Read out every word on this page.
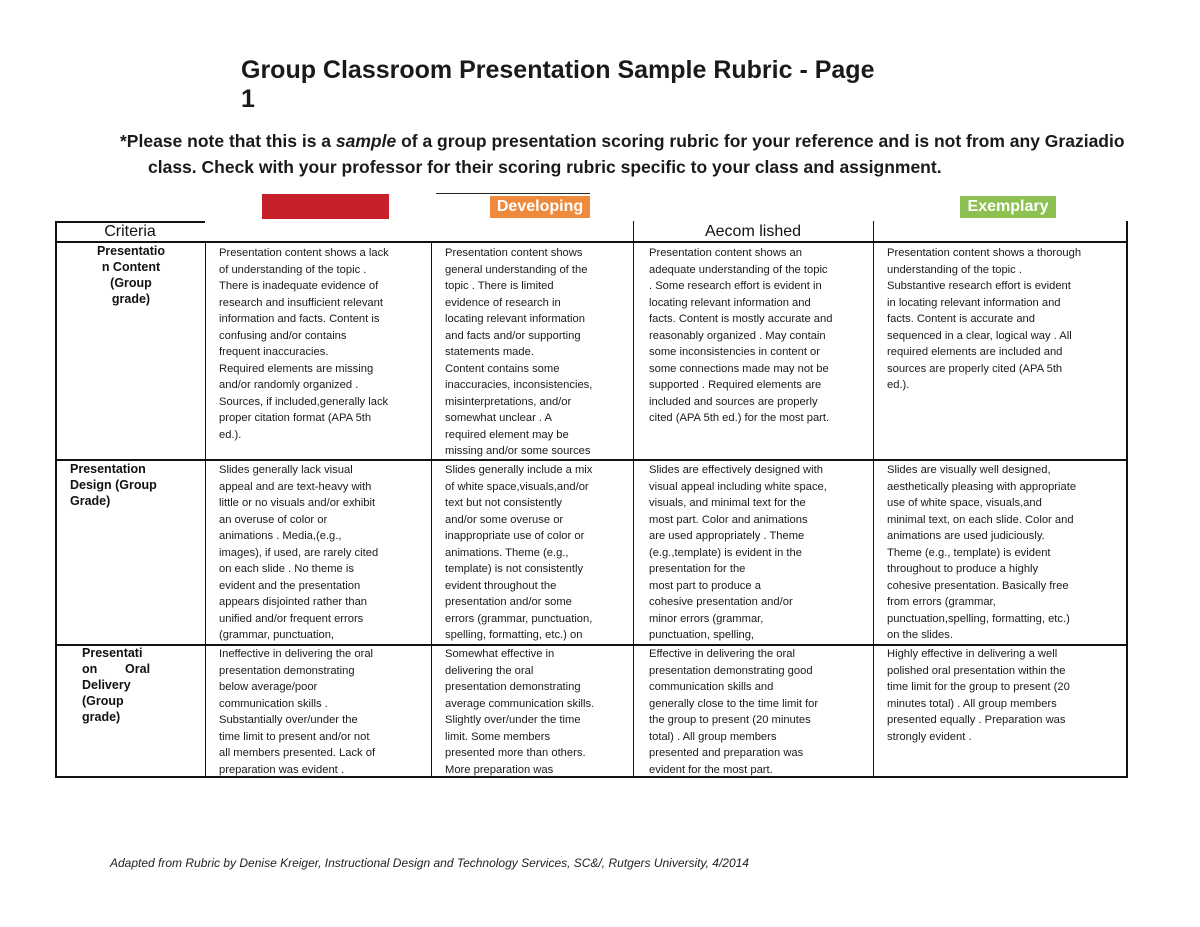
Group Classroom Presentation Sample Rubric - Page
1
*Please note that this is a sample of a group presentation scoring rubric for your reference and is not from any Graziadio class. Check with your professor for their scoring rubric specific to your class and assignment.
Developing	Exemplary
Criteria	Aecom lished
Presentatio
n Content
(Group
grade)
Presentation content shows a lack
of understanding of the topic .
There is inadequate evidence of
research and insufficient relevant
information and facts. Content is
confusing and/or contains
frequent inaccuracies.
Required elements are missing
and/or randomly organized .
Sources, if included,generally lack
proper citation format (APA 5th
ed.).
Presentation content shows
general understanding of the
topic . There is limited
evidence of research in
locating relevant information
and facts and/or supporting
statements made.
Content contains some
inaccuracies, inconsistencies,
misinterpretations, and/or
somewhat unclear . A
required element may be
missing and/or some sources
Presentation content shows an
adequate understanding of the topic
. Some research effort is evident in
locating relevant information and
facts. Content is mostly accurate and
reasonably organized . May contain
some inconsistencies in content or
some connections made may not be
supported . Required elements are
included and sources are properly
cited (APA 5th ed.) for the most part.
Presentation content shows a thorough
understanding of the topic .
Substantive research effort is evident
in locating relevant information and
facts. Content is accurate and
sequenced in a clear, logical way . All
required elements are included and
sources are properly cited (APA 5th
ed.).
Presentation
Design (Group
Grade)
Slides generally lack visual
appeal and are text-heavy with
little or no visuals and/or exhibit
an overuse of color or
animations . Media,(e.g.,
images), if used, are rarely cited
on each slide . No theme is
evident and the presentation
appears disjointed rather than
unified and/or frequent errors
(grammar, punctuation,
Slides generally include a mix
of white space,visuals,and/or
text but not consistently
and/or some overuse or
inappropriate use of color or
animations. Theme (e.g.,
template) is not consistently
evident throughout the
presentation and/or some
errors (grammar, punctuation,
spelling, formatting, etc.) on
Slides are effectively designed with
visual appeal including white space,
visuals, and minimal text for the
most part. Color and animations
are used appropriately . Theme
(e.g.,template) is evident in the
presentation for the
most part to produce a
cohesive presentation and/or
minor errors (grammar,
punctuation, spelling,
Slides are visually well designed,
aesthetically pleasing with appropriate
use of white space, visuals,and
minimal text, on each slide. Color and
animations are used judiciously.
Theme (e.g., template) is evident
throughout to produce a highly
cohesive presentation. Basically free
from errors (grammar,
punctuation,spelling, formatting, etc.)
on the slides.
Presentati
on        Oral
Delivery
(Group
grade)
Ineffective in delivering the oral
presentation demonstrating
below average/poor
communication skills .
Substantially over/under the
time limit to present and/or not
all members presented. Lack of
preparation was evident .
Somewhat effective in
delivering the oral
presentation demonstrating
average communication skills.
Slightly over/under the time
limit. Some members
presented more than others.
More preparation was
Effective in delivering the oral
presentation demonstrating good
communication skills and
generally close to the time limit for
the group to present (20 minutes
total) . All group members
presented and preparation was
evident for the most part.
Highly effective in delivering a well
polished oral presentation within the
time limit for the group to present (20
minutes total) . All group members
presented equally . Preparation was
strongly evident .
Adapted from Rubric by Denise Kreiger, Instructional Design and Technology Services, SC&/, Rutgers University, 4/2014
